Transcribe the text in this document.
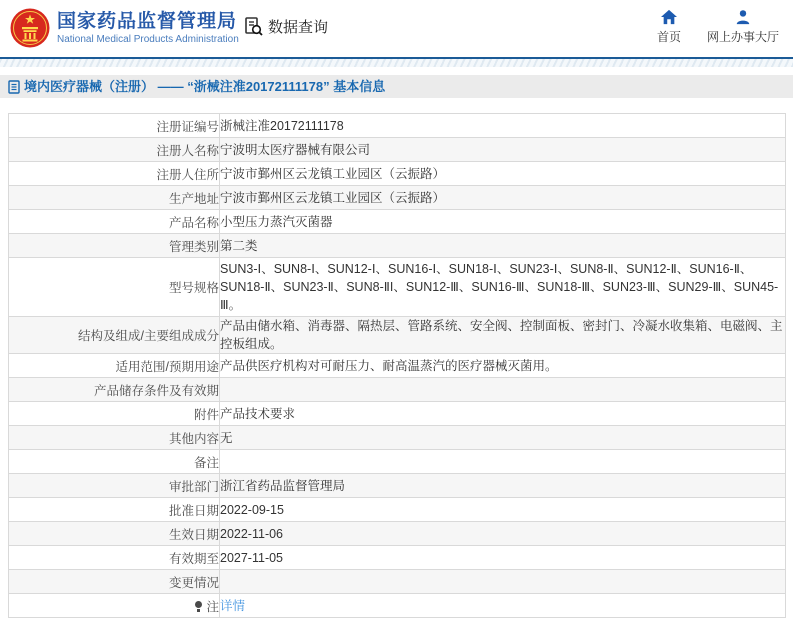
国家药品监督管理局
National Medical Products Administration
数据查询
首页 网上办事大厅
境内医疗器械（注册） —— “浙械注准20172111178” 基本信息
注册证编号	浙械注准20172111178
注册人名称	宁波明太医疗器械有限公司
注册人住所	宁波市鄞州区云龙镇工业园区（云振路）
生产地址	宁波市鄞州区云龙镇工业园区（云振路）
产品名称	小型压力蒸汽灭菌器
管理类别	第二类
型号规格	SUN3-Ⅰ、SUN8-Ⅰ、SUN12-Ⅰ、SUN16-Ⅰ、SUN18-Ⅰ、SUN23-Ⅰ、SUN8-Ⅱ、SUN12-Ⅱ、SUN16-Ⅱ、SUN18-Ⅱ、SUN23-Ⅱ、SUN8-ⅡI、SUN12-Ⅲ、SUN16-Ⅲ、SUN18-Ⅲ、SUN23-Ⅲ、SUN29-Ⅲ、SUN45-Ⅲ。
结构及组成/主要组成成分	产品由储水箱、消毒器、隔热层、管路系统、安全阀、控制面板、密封门、冷凝水收集箱、电磁阀、主控板组成。
适用范围/预期用途	产品供医疗机构对可耐压力、耐高温蒸汽的医疗器械灭菌用。
产品储存条件及有效期	
附件	产品技术要求
其他内容	无
备注	
审批部门	浙江省药品监督管理局
批准日期	2022-09-15
生效日期	2022-11-06
有效期至	2027-11-05
变更情况	
注	详情
